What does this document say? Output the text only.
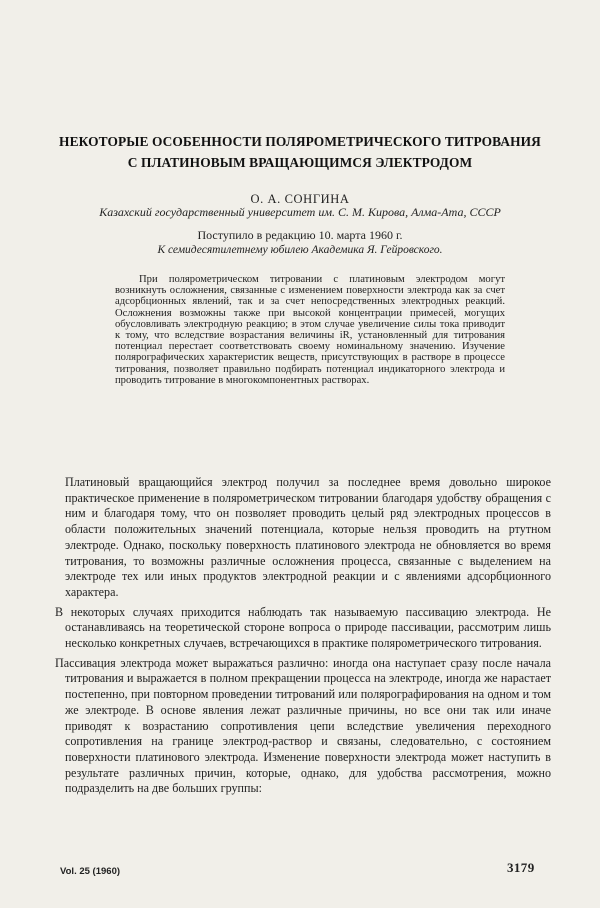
НЕКОТОРЫЕ ОСОБЕННОСТИ ПОЛЯРОМЕТРИЧЕСКОГО ТИТРОВАНИЯ
С ПЛАТИНОВЫМ ВРАЩАЮЩИМСЯ ЭЛЕКТРОДОМ
О. А. СОНГИНА
Казахский государственный университет им. С. М. Кирова, Алма-Ата, СССР
Поступило в редакцию 10. марта 1960 г.
К семидесятилетнему юбилею Академика Я. Гейровского.

При полярометрическом титровании с платиновым электродом могут возникнуть осложнения, связанные с изменением поверхности электрода как за счет адсорбционных явлений, так и за счет непосредственных электродных реакций. Осложнения возможны также при высокой концентрации примесей, могущих обусловливать электродную реакцию; в этом случае увеличение силы тока приводит к тому, что вследствие возрастания величины iR, установленный для титрования потенциал перестает соответствовать своему номинальному значению. Изучение полярографических характеристик веществ, присутствующих в растворе в процессе титрования, позволяет правильно подбирать потенциал индикаторного электрода и проводить титрование в многокомпонентных растворах.

Платиновый вращающийся электрод получил за последнее время довольно широкое практическое применение в полярометрическом титровании благодаря удобству обращения с ним и благодаря тому, что он позволяет проводить целый ряд электродных процессов в области положительных значений потенциала, которые нельзя проводить на ртутном электроде. Однако, поскольку поверхность платинового электрода не обновляется во время титрования, то возможны различные осложнения процесса, связанные с выделением на электроде тех или иных продуктов электродной реакции и с явлениями адсорбционного характера.

В некоторых случаях приходится наблюдать так называемую пассивацию электрода. Не останавливаясь на теоретической стороне вопроса о природе пассивации, рассмотрим лишь несколько конкретных случаев, встречающихся в практике полярометрического титрования.

Пассивация электрода может выражаться различно: иногда она наступает сразу после начала титрования и выражается в полном прекращении процесса на электроде, иногда же нарастает постепенно, при повторном проведении титрований или полярографирования на одном и том же электроде. В основе явления лежат различные причины, но все они так или иначе приводят к возрастанию сопротивления цепи вследствие увеличения переходного сопротивления на границе электрод-раствор и связаны, следовательно, с состоянием поверхности платинового электрода. Изменение поверхности электрода может наступить в результате различных причин, которые, однако, для удобства рассмотрения, можно подразделить на две больших группы:

Vol. 25 (1960)	3179
